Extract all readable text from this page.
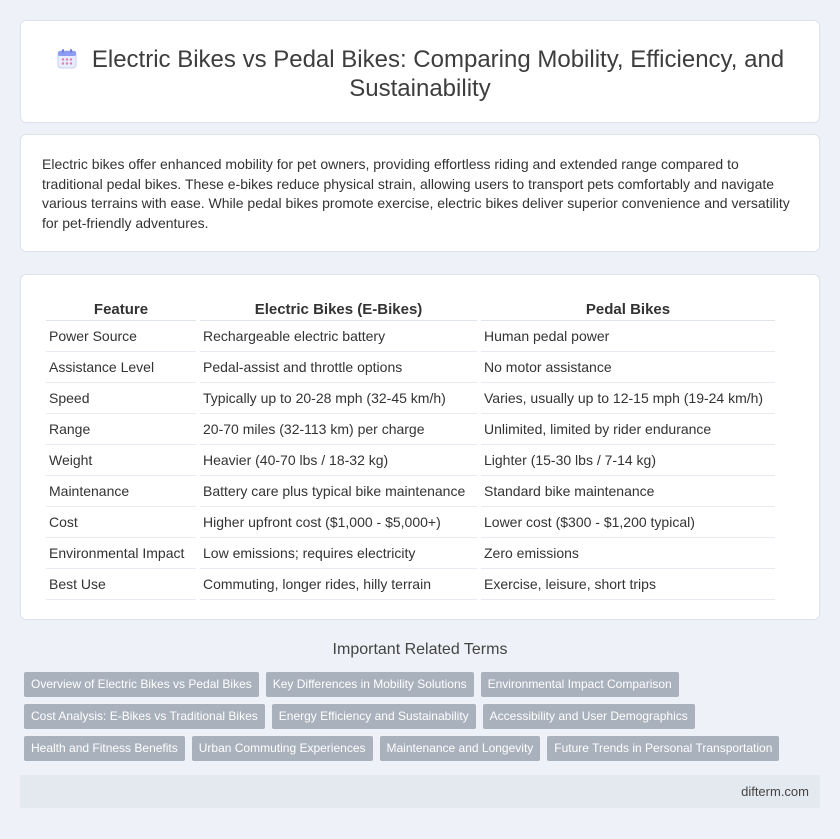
Electric Bikes vs Pedal Bikes: Comparing Mobility, Efficiency, and Sustainability

Electric bikes offer enhanced mobility for pet owners, providing effortless riding and extended range compared to traditional pedal bikes. These e-bikes reduce physical strain, allowing users to transport pets comfortably and navigate various terrains with ease. While pedal bikes promote exercise, electric bikes deliver superior convenience and versatility for pet-friendly adventures.

Feature	Electric Bikes (E-Bikes)	Pedal Bikes
Power Source	Rechargeable electric battery	Human pedal power
Assistance Level	Pedal-assist and throttle options	No motor assistance
Speed	Typically up to 20-28 mph (32-45 km/h)	Varies, usually up to 12-15 mph (19-24 km/h)
Range	20-70 miles (32-113 km) per charge	Unlimited, limited by rider endurance
Weight	Heavier (40-70 lbs / 18-32 kg)	Lighter (15-30 lbs / 7-14 kg)
Maintenance	Battery care plus typical bike maintenance	Standard bike maintenance
Cost	Higher upfront cost ($1,000 - $5,000+)	Lower cost ($300 - $1,200 typical)
Environmental Impact	Low emissions; requires electricity	Zero emissions
Best Use	Commuting, longer rides, hilly terrain	Exercise, leisure, short trips
Important Related Terms
Overview of Electric Bikes vs Pedal Bikes	Key Differences in Mobility Solutions	Environmental Impact Comparison
Cost Analysis: E-Bikes vs Traditional Bikes	Energy Efficiency and Sustainability	Accessibility and User Demographics
Health and Fitness Benefits	Urban Commuting Experiences	Maintenance and Longevity	Future Trends in Personal Transportation
difterm.com
